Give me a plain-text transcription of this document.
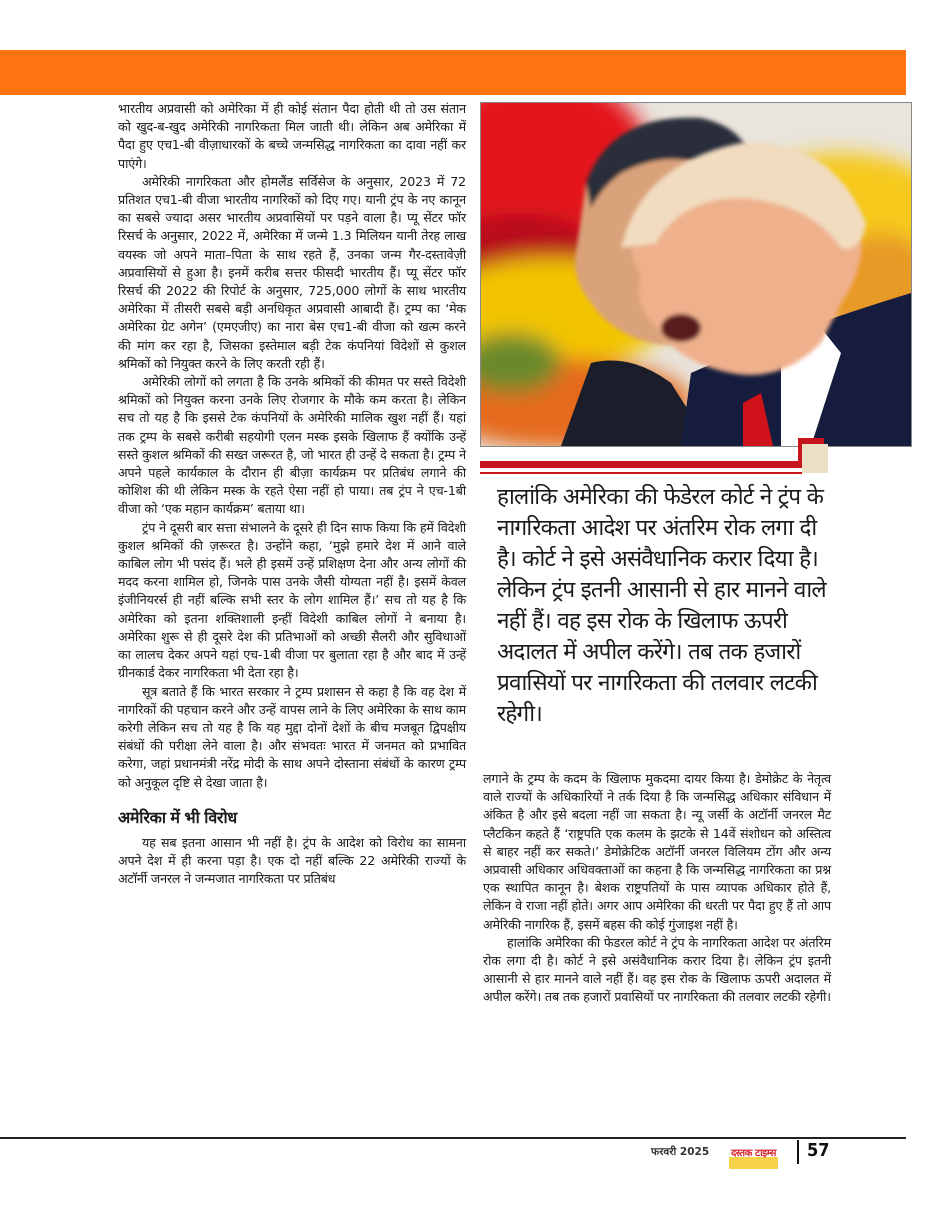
भारतीय अप्रवासी को अमेरिका में ही कोई संतान पैदा होती थी तो उस संतान को खुद-ब-खुद अमेरिकी नागरिकता मिल जाती थी। लेकिन अब अमेरिका में पैदा हुए एच1-बी वीज़ाधारकों के बच्चे जन्मसिद्ध नागरिकता का दावा नहीं कर पाएंगे।

अमेरिकी नागरिकता और होमलैंड सर्विसेज के अनुसार, 2023 में 72 प्रतिशत एच1-बी वीजा भारतीय नागरिकों को दिए गए। यानी ट्रंप के नए कानून का सबसे ज्यादा असर भारतीय अप्रवासियों पर पड़ने वाला है। प्यू सेंटर फॉर रिसर्च के अनुसार, 2022 में, अमेरिका में जन्मे 1.3 मिलियन यानी तेरह लाख वयस्क जो अपने माता–पिता के साथ रहते हैं, उनका जन्म गैर-दस्तावेज़ी अप्रवासियों से हुआ है। इनमें करीब सत्तर फीसदी भारतीय हैं। प्यू सेंटर फॉर रिसर्च की 2022 की रिपोर्ट के अनुसार, 725,000 लोगों के साथ भारतीय अमेरिका में तीसरी सबसे बड़ी अनधिकृत अप्रवासी आबादी हैं। ट्रम्प का ‘मेक अमेरिका ग्रेट अगेन’ (एमएजीए) का नारा बेस एच1-बी वीजा को खत्म करने की मांग कर रहा है, जिसका इस्तेमाल बड़ी टेक कंपनियां विदेशों से कुशल श्रमिकों को नियुक्त करने के लिए करती रही हैं।

अमेरिकी लोगों को लगता है कि उनके श्रमिकों की कीमत पर सस्ते विदेशी श्रमिकों को नियुक्त करना उनके लिए रोजगार के मौके कम करता है। लेकिन सच तो यह है कि इससे टेक कंपनियों के अमेरिकी मालिक खुश नहीं हैं। यहां तक ट्रम्प के सबसे करीबी सहयोगी एलन मस्क इसके खिलाफ हैं क्योंकि उन्हें सस्ते कुशल श्रमिकों की सख्त जरूरत है, जो भारत ही उन्हें दे सकता है। ट्रम्प ने अपने पहले कार्यकाल के दौरान ही बीज़ा कार्यक्रम पर प्रतिबंध लगाने की कोशिश की थी लेकिन मस्क के रहते ऐसा नहीं हो पाया। तब ट्रंप ने एच-1बी वीजा को ‘एक महान कार्यक्रम’ बताया था।

ट्रंप ने दूसरी बार सत्ता संभालने के दूसरे ही दिन साफ किया कि हमें विदेशी कुशल श्रमिकों की ज़रूरत है। उन्होंने कहा, ‘मुझे हमारे देश में आने वाले काबिल लोग भी पसंद हैं। भले ही इसमें उन्हें प्रशिक्षण देना और अन्य लोगों की मदद करना शामिल हो, जिनके पास उनके जैसी योग्यता नहीं है। इसमें केवल इंजीनियरर्स ही नहीं बल्कि सभी स्तर के लोग शामिल हैं।’ सच तो यह है कि अमेरिका को इतना शक्तिशाली इन्हीं विदेशी काबिल लोगों ने बनाया है। अमेरिका शुरू से ही दूसरे देश की प्रतिभाओं को अच्छी सैलरी और सुविधाओं का लालच देकर अपने यहां एच-1बी वीजा पर बुलाता रहा है और बाद में उन्हें ग्रीनकार्ड देकर नागरिकता भी देता रहा है।

सूत्र बताते हैं कि भारत सरकार ने ट्रम्प प्रशासन से कहा है कि वह देश में नागरिकों की पहचान करने और उन्हें वापस लाने के लिए अमेरिका के साथ काम करेगी लेकिन सच तो यह है कि यह मुद्दा दोनों देशों के बीच मजबूत द्विपक्षीय संबंधों की परीक्षा लेने वाला है। और संभवतः भारत में जनमत को प्रभावित करेगा, जहां प्रधानमंत्री नरेंद्र मोदी के साथ अपने दोस्ताना संबंधों के कारण ट्रम्प को अनुकूल दृष्टि से देखा जाता है।

अमेरिका में भी विरोध

यह सब इतना आसान भी नहीं है। ट्रंप के आदेश को विरोध का सामना अपने देश में ही करना पड़ा है। एक दो नहीं बल्कि 22 अमेरिकी राज्यों के अटॉर्नी जनरल ने जन्मजात नागरिकता पर प्रतिबंध

हालांकि अमेरिका की फेडेरल कोर्ट ने ट्रंप के नागरिकता आदेश पर अंतरिम रोक लगा दी है। कोर्ट ने इसे असंवैधानिक करार दिया है। लेकिन ट्रंप इतनी आसानी से हार मानने वाले नहीं हैं। वह इस रोक के खिलाफ ऊपरी अदालत में अपील करेंगे। तब तक हजारों प्रवासियों पर नागरिकता की तलवार लटकी रहेगी।

लगाने के ट्रम्प के कदम के खिलाफ मुकदमा दायर किया है। डेमोक्रेट के नेतृत्व वाले राज्यों के अधिकारियों ने तर्क दिया है कि जन्मसिद्ध अधिकार संविधान में अंकित है और इसे बदला नहीं जा सकता है। न्यू जर्सी के अटॉर्नी जनरल मैट प्लैटकिन कहते हैं ‘राष्ट्रपति एक कलम के झटके से 14वें संशोधन को अस्तित्व से बाहर नहीं कर सकते।’ डेमोक्रेटिक अटॉर्नी जनरल विलियम टोंग और अन्य अप्रवासी अधिकार अधिवक्ताओं का कहना है कि जन्मसिद्ध नागरिकता का प्रश्न एक स्थापित कानून है। बेशक राष्ट्रपतियों के पास व्यापक अधिकार होते हैं, लेकिन वे राजा नहीं होते। अगर आप अमेरिका की धरती पर पैदा हुए हैं तो आप अमेरिकी नागरिक हैं, इसमें बहस की कोई गुंजाइश नहीं है।

हालांकि अमेरिका की फेडरल कोर्ट ने ट्रंप के नागरिकता आदेश पर अंतरिम रोक लगा दी है। कोर्ट ने इसे असंवैधानिक करार दिया है। लेकिन ट्रंप इतनी आसानी से हार मानने वाले नहीं हैं। वह इस रोक के खिलाफ ऊपरी अदालत में अपील करेंगे। तब तक हजारों प्रवासियों पर नागरिकता की तलवार लटकी रहेगी।

फरवरी 2025 दस्तक टाइम्स 57
